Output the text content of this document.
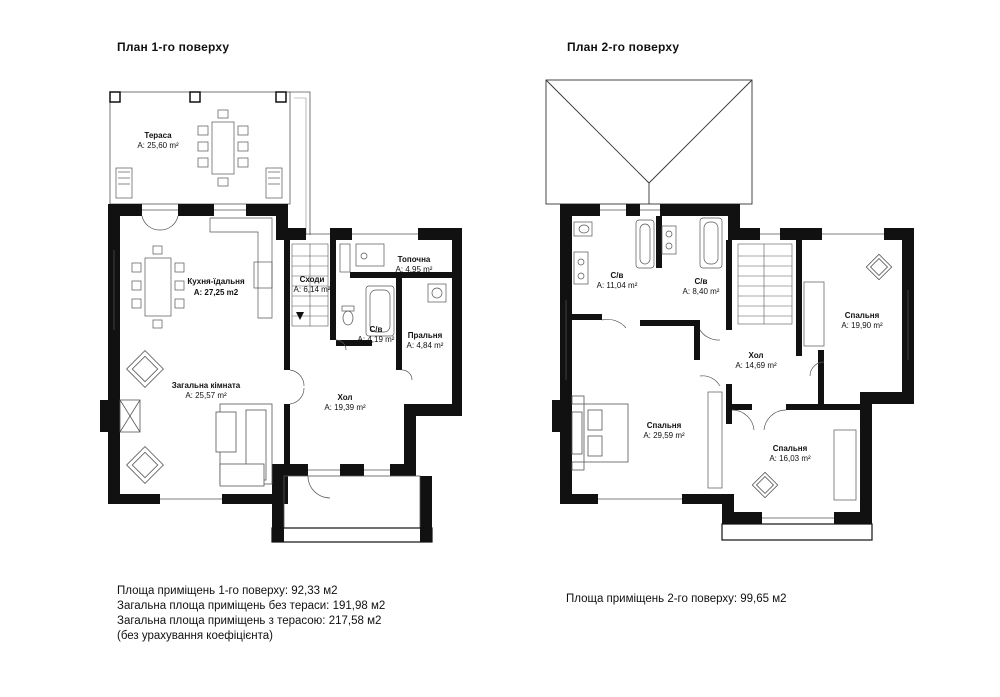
План 1-го поверху	План 2-го поверху
Тераса
A: 25,60 m²
Кухня-їдальня
A: 27,25 m2
Сходи
A: 6,14 m²
Топочна
A: 4,95 m²
С/в
A: 4,19 m² Пральня
A: 4,84 m²
Загальна кімната
A: 25,57 m²	Хол
A: 19,39 m²
С/в
A: 11,04 m²	С/в
A: 8,40 m²
Спальня
A: 19,90 m²
Хол
A: 14,69 m²
Спальня
A: 29,59 m²
Спальня
A: 16,03 m²
Площа приміщень 1-го поверху: 92,33 м2
Загальна площа приміщень без тераси: 191,98 м2
Загальна площа приміщень з терасою: 217,58 м2
(без урахування коефіцієнта)
Площа приміщень 2-го поверху: 99,65 м2
